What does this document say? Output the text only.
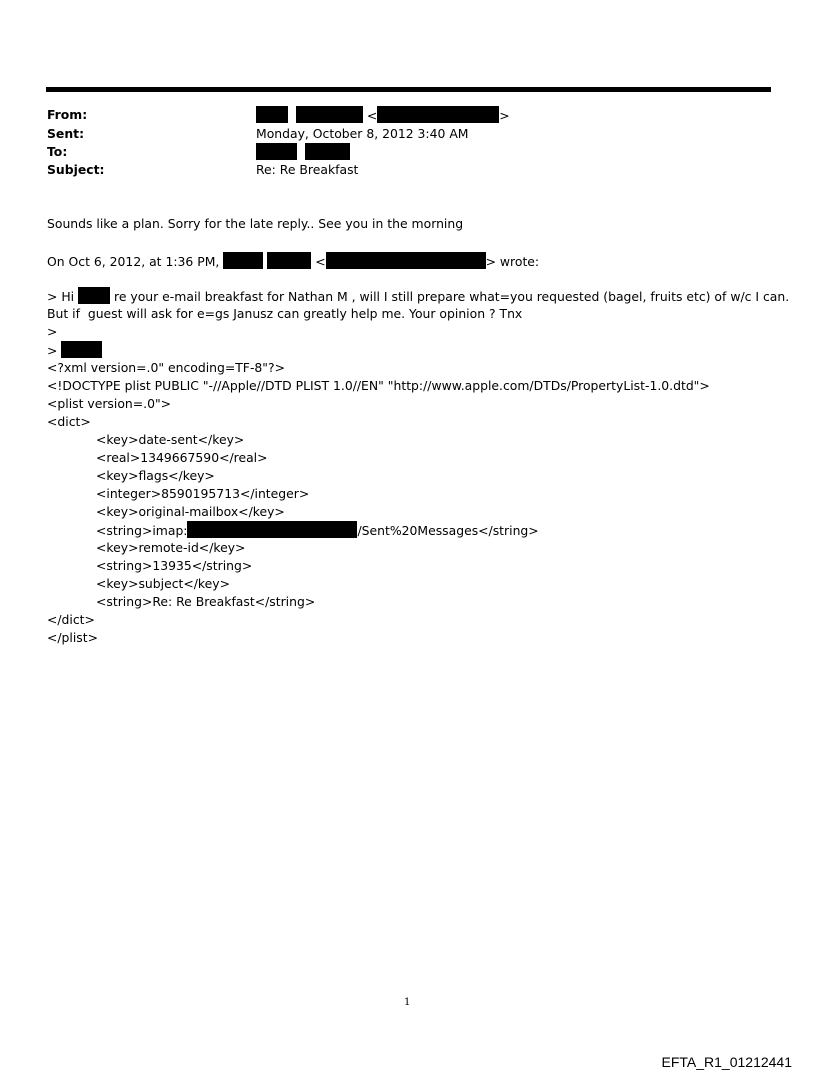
From:	<	>
Sent:	Monday, October 8, 2012 3:40 AM
To:

Subject:	Re: Re Breakfast
Sounds like a plan. Sorry for the late reply.. See you in the morning
On Oct 6, 2012, at 1:36 PM,	<	> wrote:
> Hi	re your e-mail breakfast for Nathan M , will I still prepare what=you requested (bagel, fruits etc) of w/c I can.
But if  guest will ask for e=gs Janusz can greatly help me. Your opinion ? Tnx
>
>
<?xml version=.0" encoding=TF-8"?>
<!DOCTYPE plist PUBLIC "-//Apple//DTD PLIST 1.0//EN" "http://www.apple.com/DTDs/PropertyList-1.0.dtd">
<plist version=.0">
<dict>
<key>date-sent</key>
<real>1349667590</real>
<key>flags</key>
<integer>8590195713</integer>
<key>original-mailbox</key>
<string>imap:	/Sent%20Messages</string>
<key>remote-id</key>
<string>13935</string>
<key>subject</key>
<string>Re: Re Breakfast</string>
</dict>
</plist>
1
EFTA_R1_01212441
